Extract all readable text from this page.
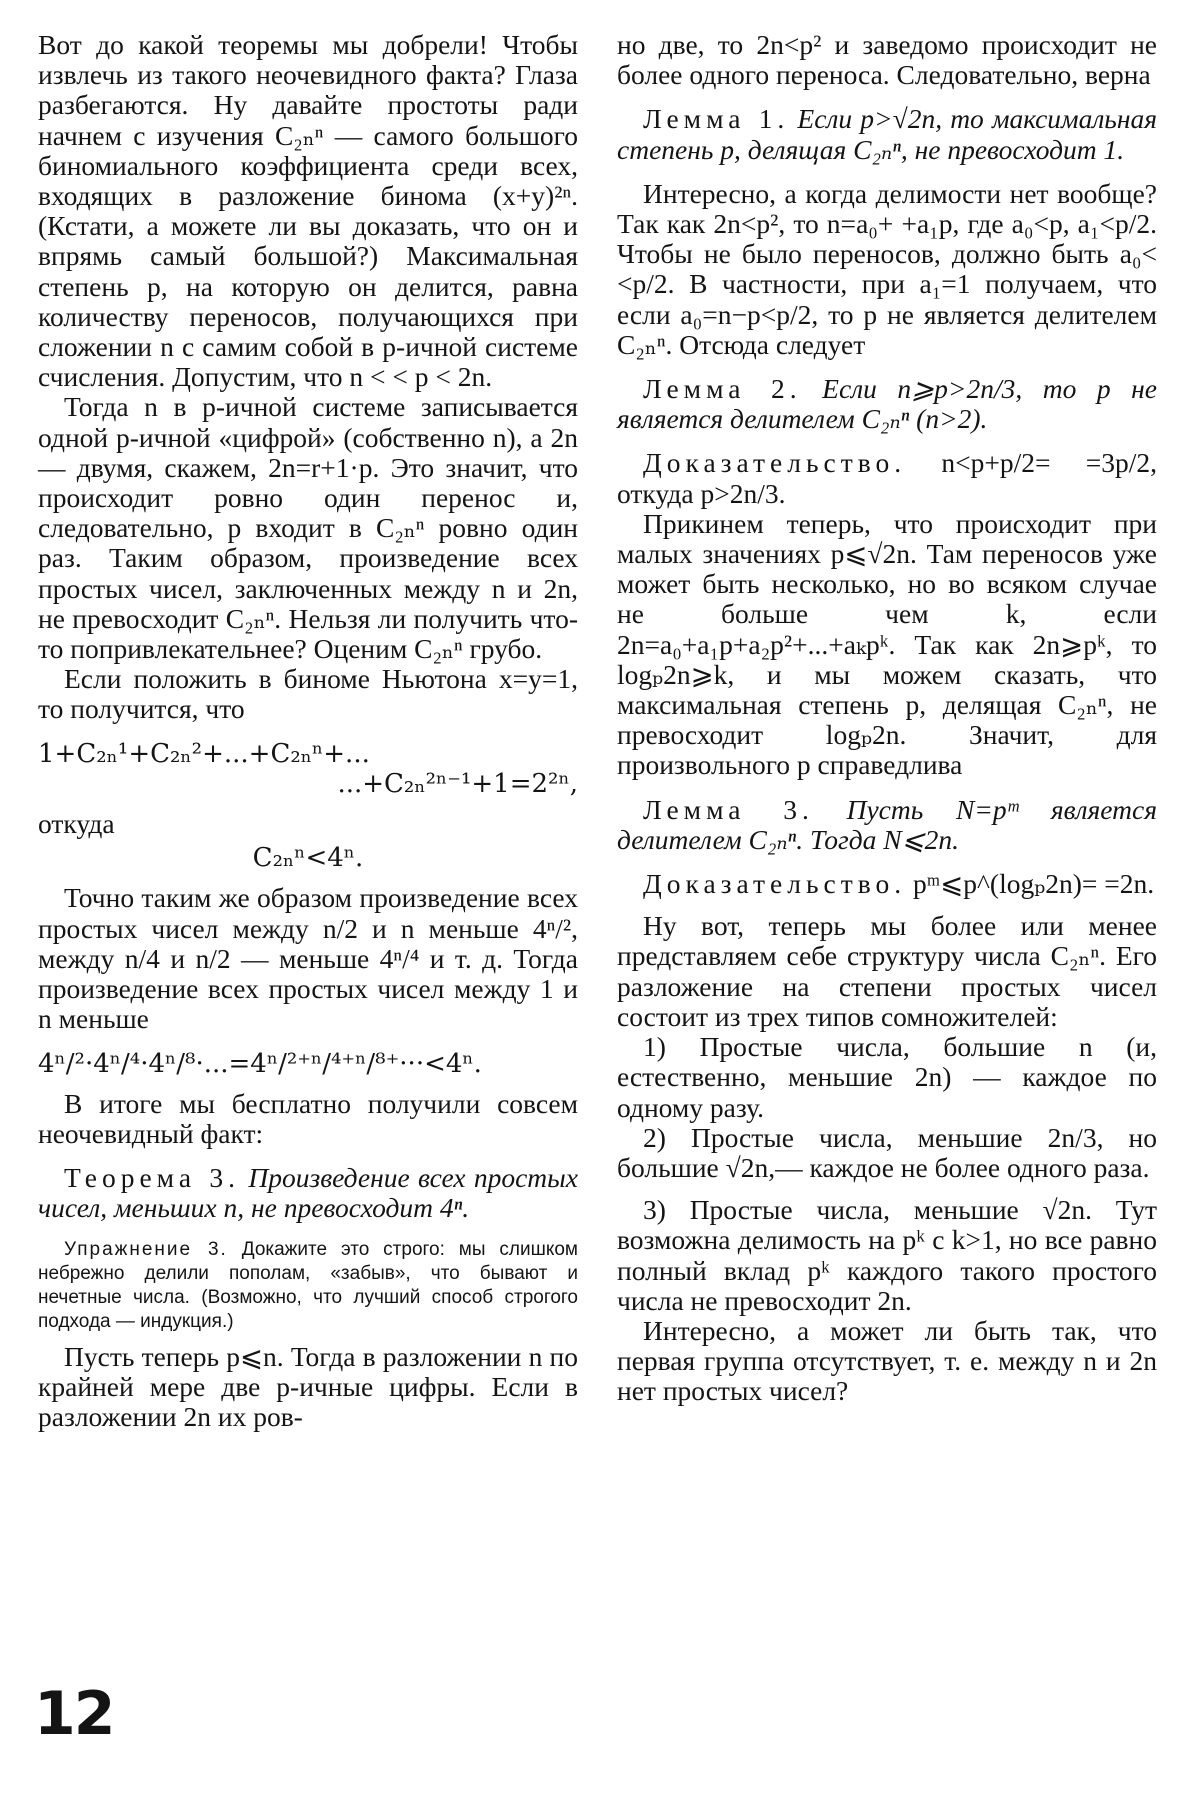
Вот до какой теоремы мы добрели! Чтобы извлечь из такого неочевидного факта? Глаза разбегаются. Ну давайте простоты ради начнем с изучения C₂ₙⁿ — самого большого биномиального коэффициента среди всех, входящих в разложение бинома (x+y)²ⁿ. (Кстати, а можете ли вы доказать, что он и впрямь самый большой?) Максимальная степень p, на которую он делится, равна количеству переносов, получающихся при сложении n с самим собой в p-ичной системе счисления. Допустим, что n < < p < 2n.

Тогда n в p-ичной системе записывается одной p-ичной «цифрой» (собственно n), а 2n — двумя, скажем, 2n=r+1·p. Это значит, что происходит ровно один перенос и, следовательно, p входит в C₂ₙⁿ ровно один раз. Таким образом, произведение всех простых чисел, заключенных между n и 2n, не превосходит C₂ₙⁿ. Нельзя ли получить что-то попривлекательнее? Оценим C₂ₙⁿ грубо.

Если положить в биноме Ньютона x=y=1, то получится, что

1+C₂ₙ¹+C₂ₙ²+...+C₂ₙⁿ+...
...+C₂ₙ²ⁿ⁻¹+1=2²ⁿ,

откуда

C₂ₙⁿ<4ⁿ.

Точно таким же образом произведение всех простых чисел между n/2 и n меньше 4ⁿ/², между n/4 и n/2 — меньше 4ⁿ/⁴ и т. д. Тогда произведение всех простых чисел между 1 и n меньше

4ⁿ/²·4ⁿ/⁴·4ⁿ/⁸·...=4ⁿ/²⁺ⁿ/⁴⁺ⁿ/⁸⁺···<4ⁿ.

В итоге мы бесплатно получили совсем неочевидный факт:

Теорема 3. Произведение всех простых чисел, меньших n, не превосходит 4ⁿ.

Упражнение 3. Докажите это строго: мы слишком небрежно делили пополам, «забыв», что бывают и нечетные числа. (Возможно, что лучший способ строгого подхода — индукция.)

Пусть теперь p⩽n. Тогда в разложении n по крайней мере две p-ичные цифры. Если в разложении 2n их ров-

но две, то 2n<p² и заведомо происходит не более одного переноса. Следовательно, верна

Лемма 1. Если p>√2n, то максимальная степень p, делящая C₂ₙⁿ, не превосходит 1.

Интересно, а когда делимости нет вообще? Так как 2n<p², то n=a₀+ +a₁p, где a₀<p, a₁<p/2. Чтобы не было переносов, должно быть a₀< <p/2. В частности, при a₁=1 получаем, что если a₀=n−p<p/2, то p не является делителем C₂ₙⁿ. Отсюда следует

Лемма 2. Если n⩾p>2n/3, то p не является делителем C₂ₙⁿ (n>2).

Доказательство. n<p+p/2= =3p/2, откуда p>2n/3.

Прикинем теперь, что происходит при малых значениях p⩽√2n. Там переносов уже может быть несколько, но во всяком случае не больше чем k, если 2n=a₀+a₁p+a₂p²+...+aₖpᵏ. Так как 2n⩾pᵏ, то logₚ2n⩾k, и мы можем сказать, что максимальная степень p, делящая C₂ₙⁿ, не превосходит logₚ2n. Значит, для произвольного p справедлива

Лемма 3. Пусть N=pᵐ является делителем C₂ₙⁿ. Тогда N⩽2n.

Доказательство. pᵐ⩽p^(logₚ2n)= =2n.

Ну вот, теперь мы более или менее представляем себе структуру числа C₂ₙⁿ. Его разложение на степени простых чисел состоит из трех типов сомножителей:

1) Простые числа, большие n (и, естественно, меньшие 2n) — каждое по одному разу.

2) Простые числа, меньшие 2n/3, но большие √2n,— каждое не более одного раза.

3) Простые числа, меньшие √2n. Тут возможна делимость на pᵏ с k>1, но все равно полный вклад pᵏ каждого такого простого числа не превосходит 2n.

Интересно, а может ли быть так, что первая группа отсутствует, т. е. между n и 2n нет простых чисел?

12
